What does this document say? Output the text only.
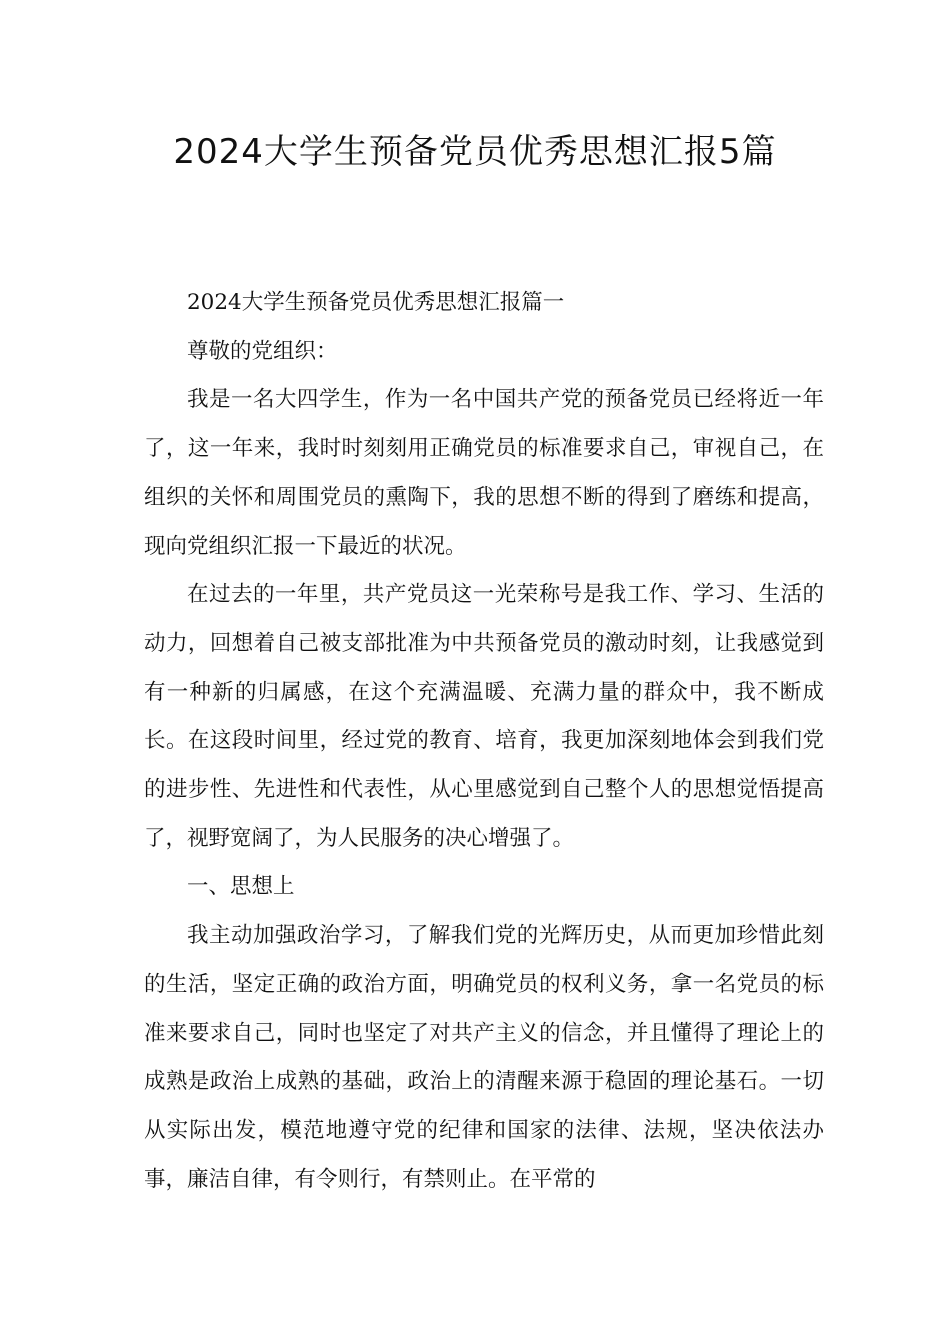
2024大学生预备党员优秀思想汇报5篇

2024大学生预备党员优秀思想汇报篇一

尊敬的党组织：

我是一名大四学生，作为一名中国共产党的预备党员已经将近一年了，这一年来，我时时刻刻用正确党员的标准要求自己，审视自己，在组织的关怀和周围党员的熏陶下，我的思想不断的得到了磨练和提高，现向党组织汇报一下最近的状况。

在过去的一年里，共产党员这一光荣称号是我工作、学习、生活的动力，回想着自己被支部批准为中共预备党员的激动时刻，让我感觉到有一种新的归属感，在这个充满温暖、充满力量的群众中，我不断成长。在这段时间里，经过党的教育、培育，我更加深刻地体会到我们党的进步性、先进性和代表性，从心里感觉到自己整个人的思想觉悟提高了，视野宽阔了，为人民服务的决心增强了。

一、思想上

我主动加强政治学习，了解我们党的光辉历史，从而更加珍惜此刻的生活，坚定正确的政治方面，明确党员的权利义务，拿一名党员的标准来要求自己，同时也坚定了对共产主义的信念，并且懂得了理论上的成熟是政治上成熟的基础，政治上的清醒来源于稳固的理论基石。一切从实际出发，模范地遵守党的纪律和国家的法律、法规，坚决依法办事，廉洁自律，有令则行，有禁则止。在平常的
